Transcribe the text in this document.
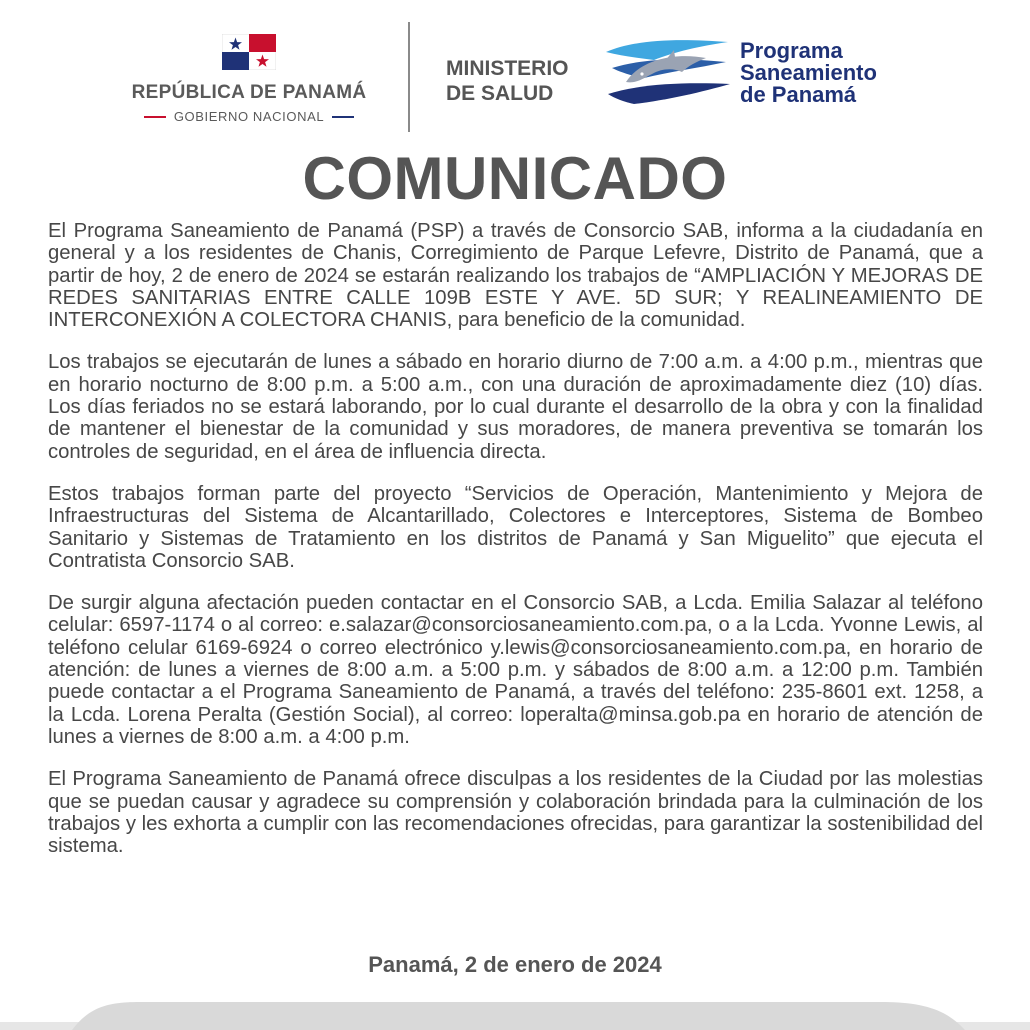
REPÚBLICA DE PANAMÁ
GOBIERNO NACIONAL
MINISTERIO
DE SALUD
Programa
Saneamiento
de Panamá
COMUNICADO

El Programa Saneamiento de Panamá (PSP) a través de Consorcio SAB, informa a la ciudadanía en general y a los residentes de Chanis, Corregimiento de Parque Lefevre, Distrito de Panamá, que a partir de hoy, 2 de enero de 2024 se estarán realizando los trabajos de “AMPLIACIÓN Y MEJORAS DE REDES SANITARIAS ENTRE CALLE 109B ESTE Y AVE. 5D SUR; Y REALINEAMIENTO DE INTERCONEXIÓN A COLECTORA CHANIS, para beneficio de la comunidad.

Los trabajos se ejecutarán de lunes a sábado en horario diurno de 7:00 a.m. a 4:00 p.m., mientras que en horario nocturno de 8:00 p.m. a 5:00 a.m., con una duración de aproximadamente diez (10) días. Los días feriados no se estará laborando, por lo cual durante el desarrollo de la obra y con la finalidad de mantener el bienestar de la comunidad y sus moradores, de manera preventiva se tomarán los controles de seguridad, en el área de influencia directa.

Estos trabajos forman parte del proyecto “Servicios de Operación, Mantenimiento y Mejora de Infraestructuras del Sistema de Alcantarillado, Colectores e Interceptores, Sistema de Bombeo Sanitario y Sistemas de Tratamiento en los distritos de Panamá y San Miguelito” que ejecuta el Contratista Consorcio SAB.

De surgir alguna afectación pueden contactar en el Consorcio SAB, a Lcda. Emilia Salazar al teléfono celular: 6597-1174 o al correo: e.salazar@consorciosaneamiento.com.pa, o a la Lcda. Yvonne Lewis, al teléfono celular 6169-6924 o correo electrónico y.lewis@consorciosaneamiento.com.pa, en horario de atención: de lunes a viernes de 8:00 a.m. a 5:00 p.m. y sábados de 8:00 a.m. a 12:00 p.m. También puede contactar a el Programa Saneamiento de Panamá, a través del teléfono: 235-8601 ext. 1258, a la Lcda. Lorena Peralta (Gestión Social), al correo: loperalta@minsa.gob.pa en horario de atención de lunes a viernes de 8:00 a.m. a 4:00 p.m.

El Programa Saneamiento de Panamá ofrece disculpas a los residentes de la Ciudad por las molestias que se puedan causar y agradece su comprensión y colaboración brindada para la culminación de los trabajos y les exhorta a cumplir con las recomendaciones ofrecidas, para garantizar la sostenibilidad del sistema.

Panamá, 2 de enero de 2024
